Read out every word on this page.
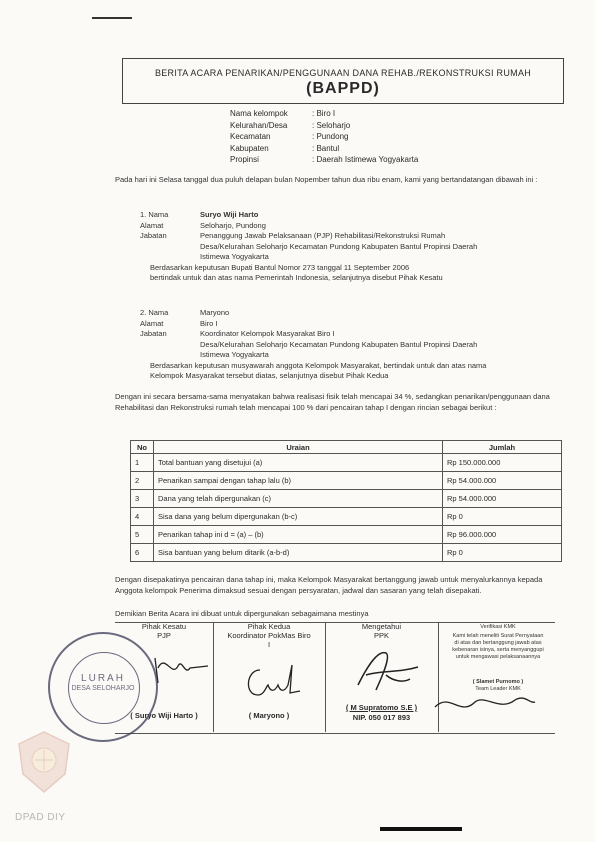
BERITA ACARA PENARIKAN/PENGGUNAAN DANA REHAB./REKONSTRUKSI RUMAH
(BAPPD)
Nama kelompok	: Biro I
Kelurahan/Desa	: Seloharjo
Kecamatan	: Pundong
Kabupaten	: Bantul
Propinsi	: Daerah Istimewa Yogyakarta
Pada hari ini Selasa tanggal dua puluh delapan bulan Nopember tahun dua ribu enam, kami yang bertandatangan dibawah ini :
1. Nama	Suryo Wiji Harto
Alamat	Seloharjo, Pundong
Jabatan	Penanggung Jawab Pelaksanaan (PJP) Rehabilitasi/Rekonstruksi Rumah
Desa/Kelurahan Seloharjo Kecamatan Pundong Kabupaten Bantul Propinsi Daerah
Istimewa Yogyakarta
Berdasarkan keputusan Bupati Bantul Nomor 273 tanggal 11 September 2006
bertindak untuk dan atas nama Pemerintah Indonesia, selanjutnya disebut Pihak Kesatu
2. Nama	Maryono
Alamat	Biro I
Jabatan	Koordinator Kelompok Masyarakat Biro I
Desa/Kelurahan Seloharjo Kecamatan Pundong Kabupaten Bantul Propinsi Daerah
Istimewa Yogyakarta
Berdasarkan keputusan musyawarah anggota Kelompok Masyarakat, bertindak untuk dan atas nama
Kelompok Masyarakat tersebut diatas, selanjutnya disebut Pihak Kedua
Dengan ini secara bersama-sama menyatakan bahwa realisasi fisik telah mencapai 34 %, sedangkan penarikan/penggunaan dana Rehabilitasi dan Rekonstruksi rumah telah mencapai 100 % dari pencairan tahap I dengan rincian sebagai berikut :
No	Uraian	Jumlah
1	Total bantuan yang disetujui (a)	Rp 150.000.000
2	Penarikan sampai dengan tahap lalu (b)	Rp 54.000.000
3	Dana yang telah dipergunakan (c)	Rp 54.000.000
4	Sisa dana yang belum dipergunakan (b-c)	Rp 0
5	Penarikan tahap ini d = (a) – (b)	Rp 96.000.000
6	Sisa bantuan yang belum ditarik (a-b-d)	Rp 0
Dengan disepakatinya pencairan dana tahap ini, maka Kelompok Masyarakat bertanggung jawab untuk menyalurkannya kepada Anggota kelompok Penerima dimaksud sesuai dengan persyaratan, jadwal dan sasaran yang telah disepakati.
Demikian Berita Acara ini dibuat untuk dipergunakan sebagaimana mestinya
Pihak Kesatu
PJP
( Suryo Wiji Harto )
Pihak Kedua
Koordinator PokMas Biro
I
( Maryono )
Mengetahui
PPK
( M Supratomo S.E )
NIP. 050 017 893
Verifikasi KMK
Kami telah meneliti Surat Pernyataan di atas dan bertanggung jawab atas kebenaran isinya, serta menyanggupi untuk mengawasi pelaksanaannya
( Slamet Purnomo )
Team Leader KMK
LURAH
DESA SELOHARJO
DPAD DIY
